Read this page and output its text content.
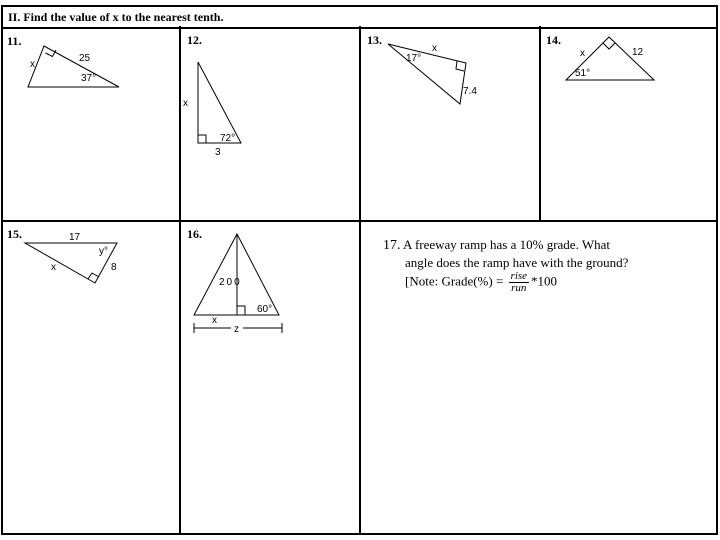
II. Find the value of x to the nearest tenth.
11.	12.	13.	14.
15.	16.
x
25
37°
x
72°
3
x
17°
7.4
x	12
51°
17
y°
8
x
200
60°
x
z
17. A freeway ramp has a 10% grade. What
angle does the ramp have with the ground?
[Note: Grade(%) = $\frac{\text{rise}}{\text{run}} *100$
